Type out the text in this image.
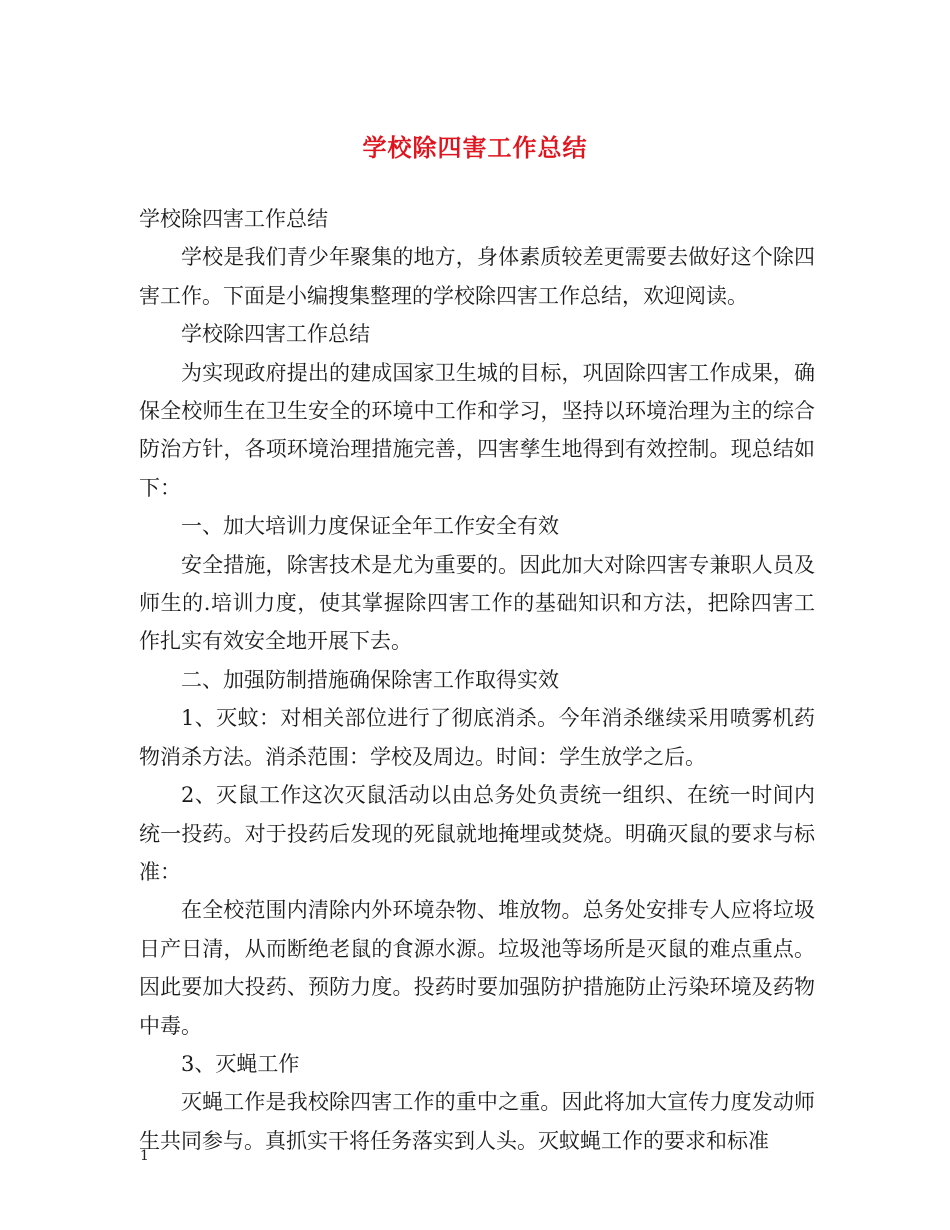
学校除四害工作总结

学校除四害工作总结

学校是我们青少年聚集的地方，身体素质较差更需要去做好这个除四害工作。下面是小编搜集整理的学校除四害工作总结，欢迎阅读。

学校除四害工作总结

为实现政府提出的建成国家卫生城的目标，巩固除四害工作成果，确保全校师生在卫生安全的环境中工作和学习，坚持以环境治理为主的综合防治方针，各项环境治理措施完善，四害孳生地得到有效控制。现总结如下：

一、加大培训力度保证全年工作安全有效

安全措施，除害技术是尤为重要的。因此加大对除四害专兼职人员及师生的.培训力度，使其掌握除四害工作的基础知识和方法，把除四害工作扎实有效安全地开展下去。

二、加强防制措施确保除害工作取得实效

1、灭蚊：对相关部位进行了彻底消杀。今年消杀继续采用喷雾机药物消杀方法。消杀范围：学校及周边。时间：学生放学之后。

2、灭鼠工作这次灭鼠活动以由总务处负责统一组织、在统一时间内统一投药。对于投药后发现的死鼠就地掩埋或焚烧。明确灭鼠的要求与标准：

在全校范围内清除内外环境杂物、堆放物。总务处安排专人应将垃圾日产日清，从而断绝老鼠的食源水源。垃圾池等场所是灭鼠的难点重点。因此要加大投药、预防力度。投药时要加强防护措施防止污染环境及药物中毒。

3、灭蝇工作

灭蝇工作是我校除四害工作的重中之重。因此将加大宣传力度发动师生共同参与。真抓实干将任务落实到人头。灭蚊蝇工作的要求和标准

1
